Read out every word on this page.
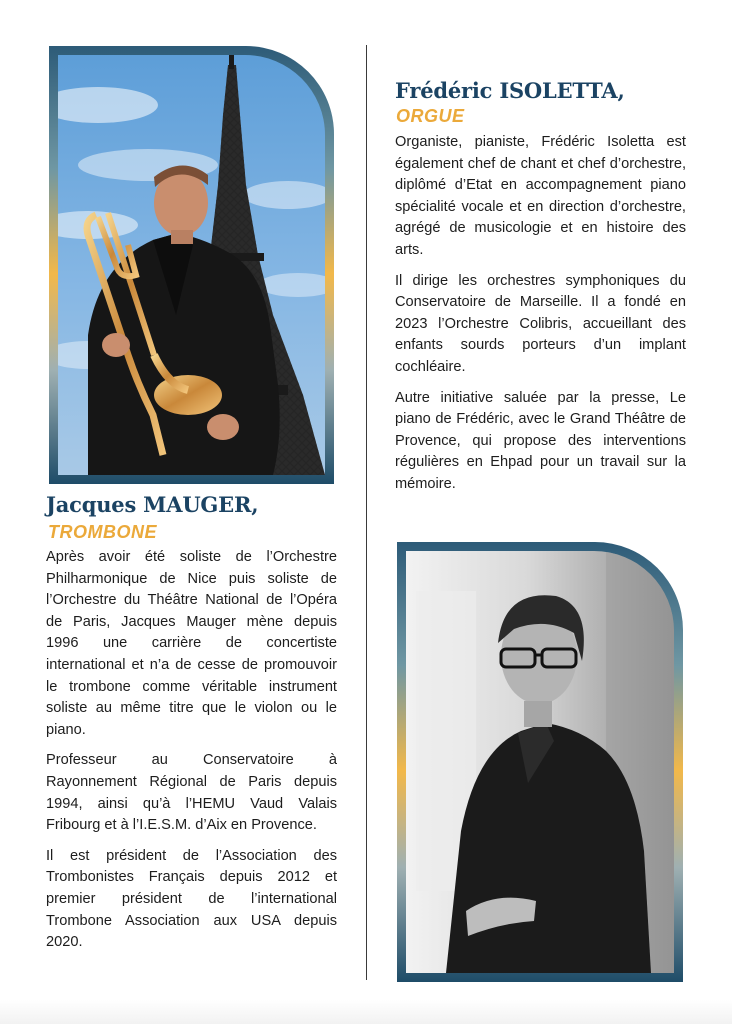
Jacques MAUGER,
TROMBONE

Après avoir été soliste de l’Orchestre Philharmonique de Nice puis soliste de l’Orchestre du Théâtre National de l’Opéra de Paris, Jacques Mauger mène depuis 1996 une carrière de concertiste international et n’a de cesse de promouvoir le trombone comme véritable instrument soliste au même titre que le violon ou le piano.

Professeur au Conservatoire à Rayonnement Régional de Paris depuis 1994, ainsi qu’à l’HEMU Vaud Valais Fribourg et à l’I.E.S.M. d’Aix en Provence.

Il est président de l’Association des Trombonistes Français depuis 2012 et premier président de l’international Trombone Association aux USA depuis 2020.

Frédéric ISOLETTA,
ORGUE

Organiste, pianiste, Frédéric Isoletta est également chef de chant et chef d’orchestre, diplômé d’Etat en accompagnement piano spécialité vocale et en direction d’orchestre, agrégé de musicologie et en histoire des arts.

Il dirige les orchestres symphoniques du Conservatoire de Marseille. Il a fondé en 2023 l’Orchestre Colibris, accueillant des enfants sourds porteurs d’un implant cochléaire.

Autre initiative saluée par la presse, Le piano de Frédéric, avec le Grand Théâtre de Provence, qui propose des interventions régulières en Ehpad pour un travail sur la mémoire.
